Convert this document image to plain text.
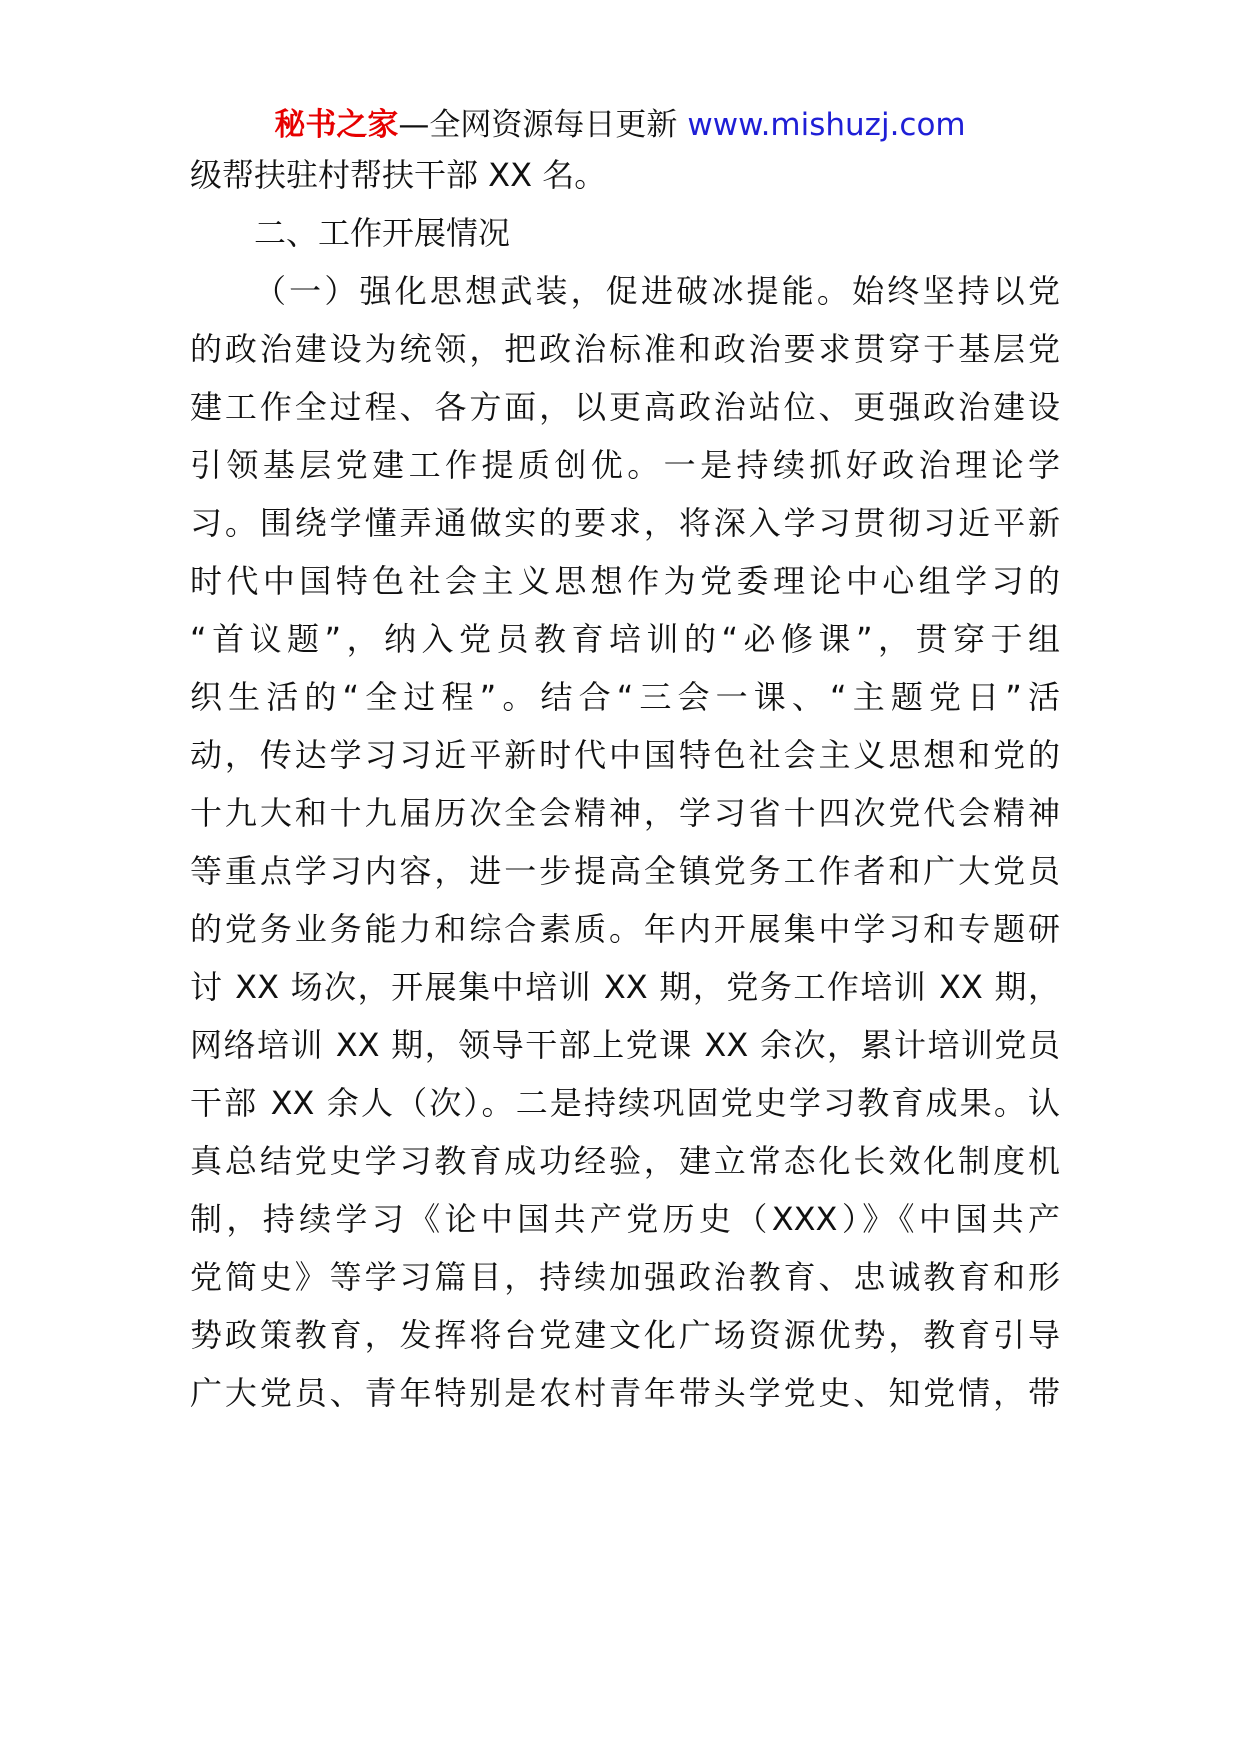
秘书之家—全网资源每日更新 www.mishuzj.com
级帮扶驻村帮扶干部 XX 名。
二、工作开展情况
（一）强化思想武装，促进破冰提能。始终坚持以党
的政治建设为统领，把政治标准和政治要求贯穿于基层党
建工作全过程、各方面，以更高政治站位、更强政治建设
引领基层党建工作提质创优。一是持续抓好政治理论学
习。围绕学懂弄通做实的要求，将深入学习贯彻习近平新
时代中国特色社会主义思想作为党委理论中心组学习的
“首议题”，纳入党员教育培训的“必修课”，贯穿于组
织生活的“全过程”。结合“三会一课、“主题党日”活
动，传达学习习近平新时代中国特色社会主义思想和党的
十九大和十九届历次全会精神，学习省十四次党代会精神
等重点学习内容，进一步提高全镇党务工作者和广大党员
的党务业务能力和综合素质。年内开展集中学习和专题研
讨 XX 场次，开展集中培训 XX 期，党务工作培训 XX 期，
网络培训 XX 期，领导干部上党课 XX 余次，累计培训党员
干部 XX 余人（次）。二是持续巩固党史学习教育成果。认
真总结党史学习教育成功经验，建立常态化长效化制度机
制，持续学习《论中国共产党历史（XXX）》《中国共产
党简史》等学习篇目，持续加强政治教育、忠诚教育和形
势政策教育，发挥将台党建文化广场资源优势，教育引导
广大党员、青年特别是农村青年带头学党史、知党情，带
